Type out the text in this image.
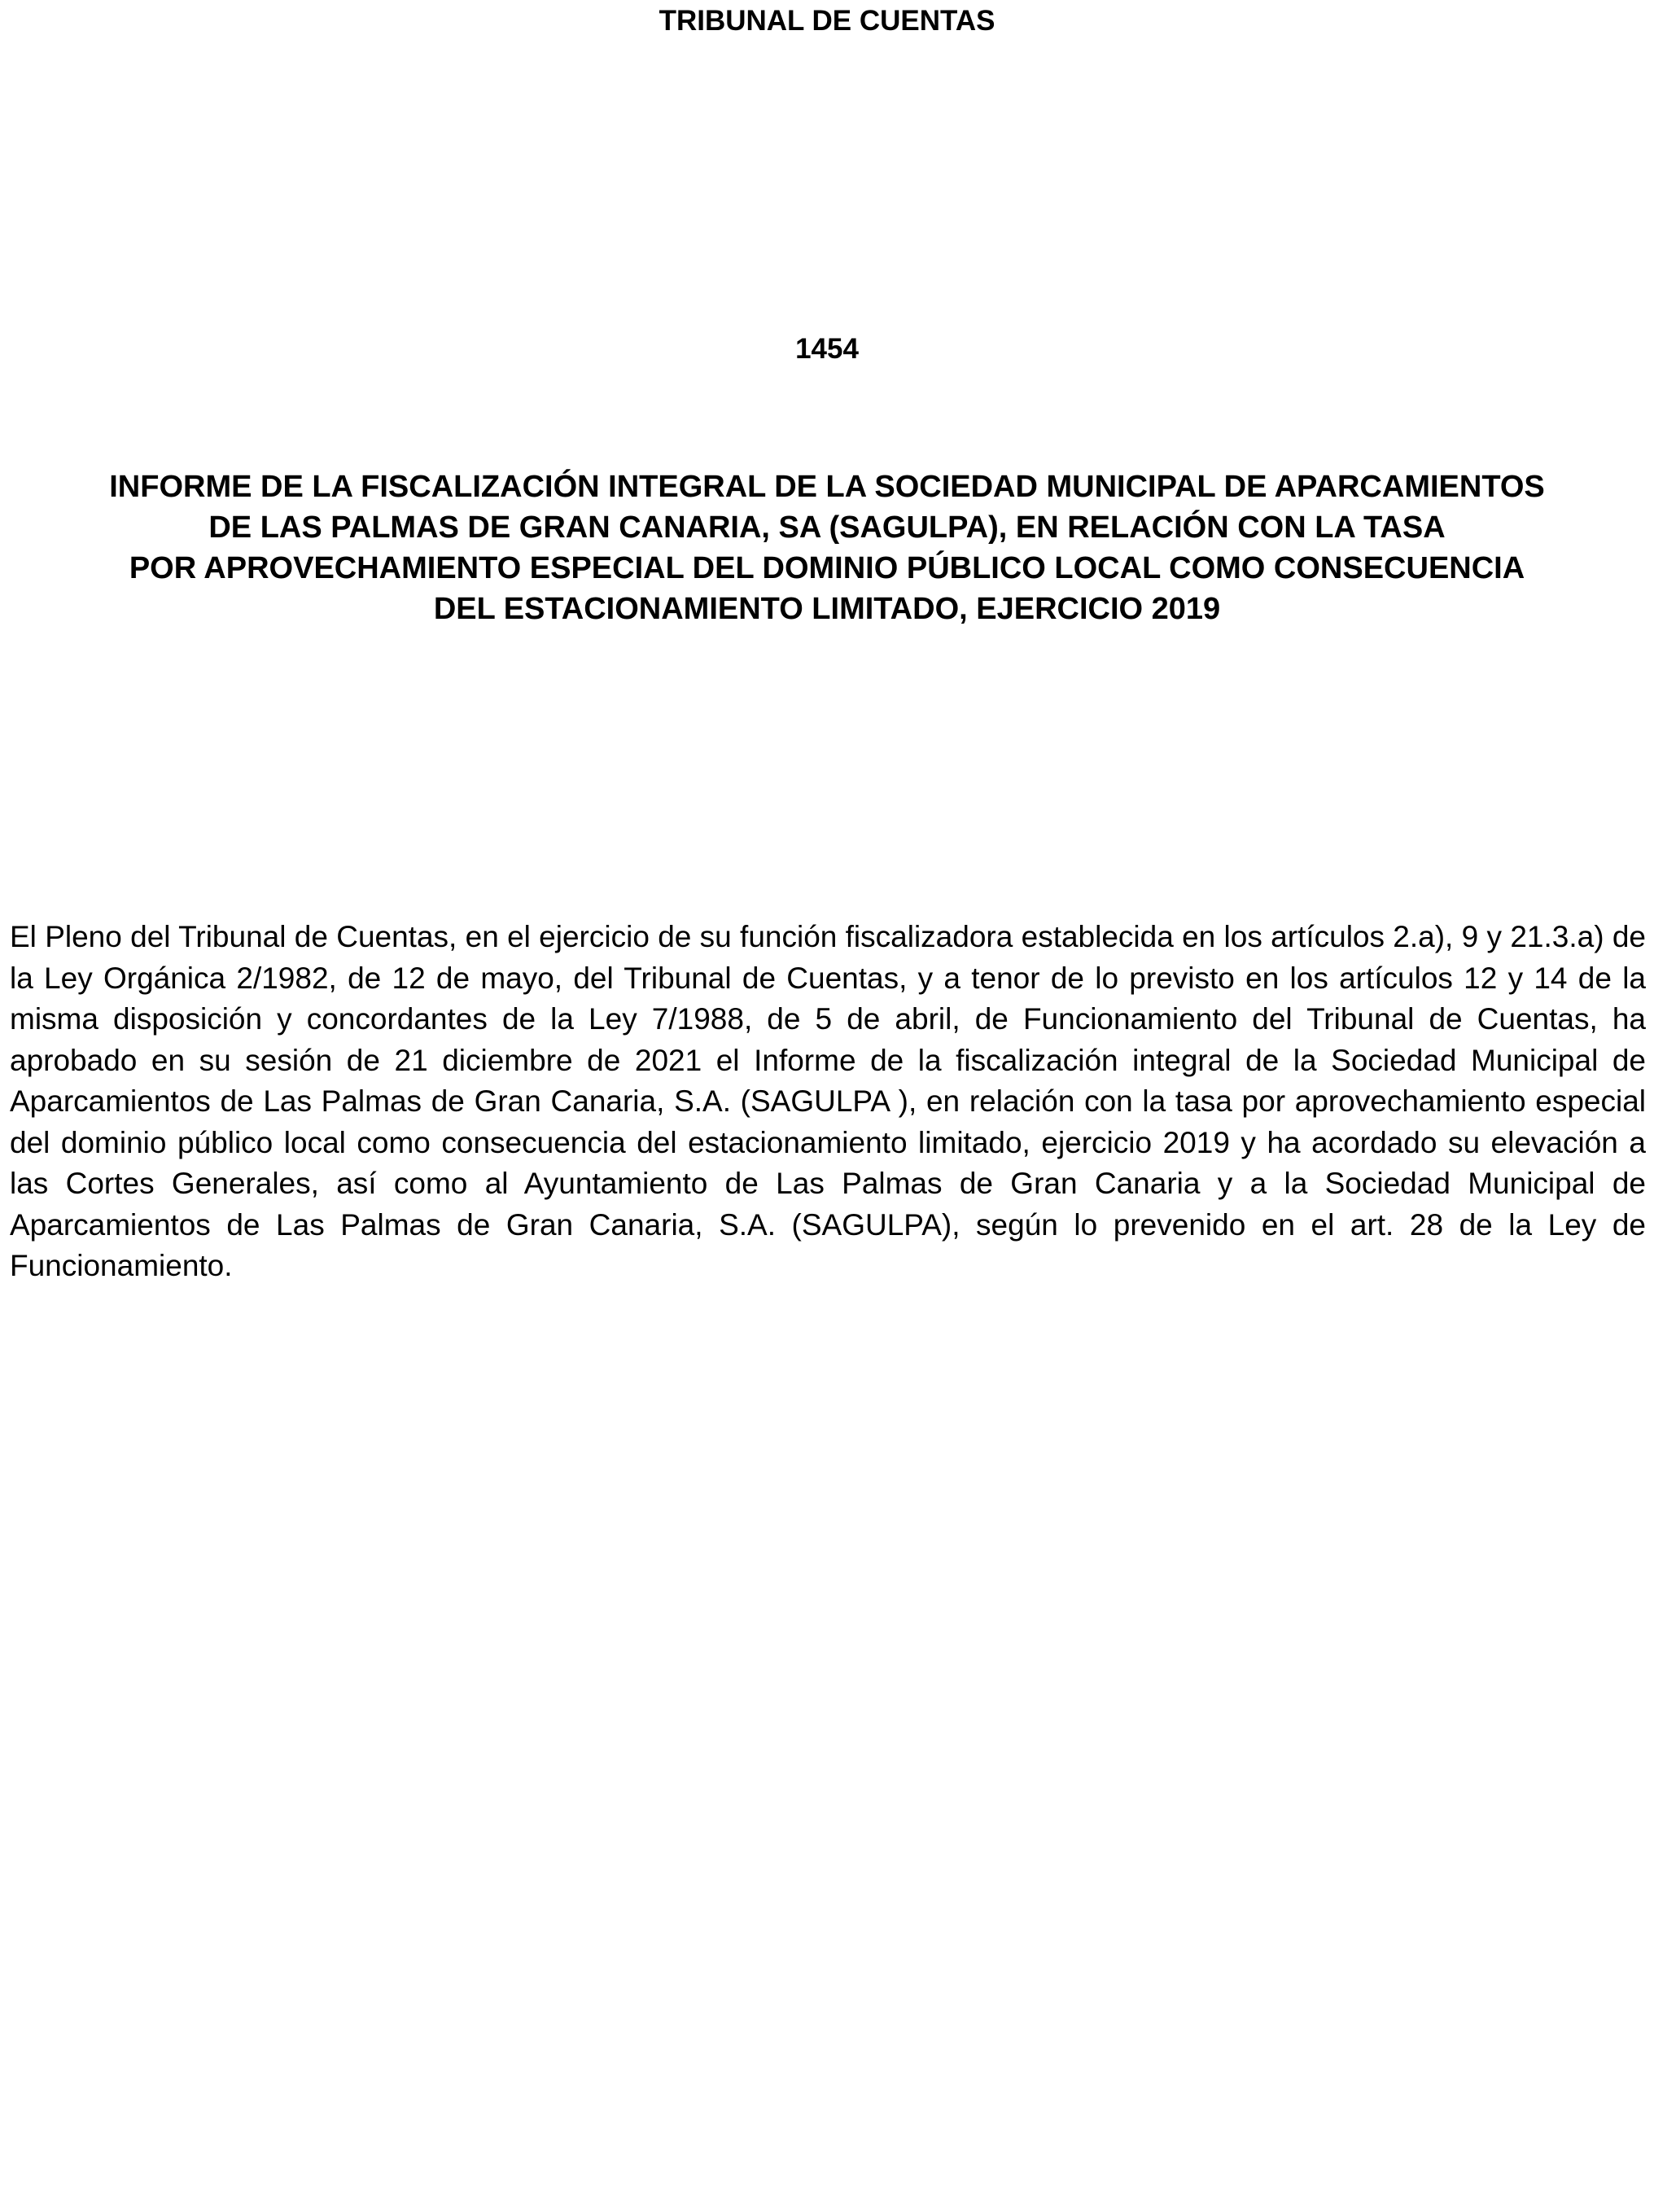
TRIBUNAL DE CUENTAS
1454
INFORME DE LA FISCALIZACIÓN INTEGRAL DE LA SOCIEDAD MUNICIPAL DE APARCAMIENTOS
DE LAS PALMAS DE GRAN CANARIA, SA (SAGULPA), EN RELACIÓN CON LA TASA
POR APROVECHAMIENTO ESPECIAL DEL DOMINIO PÚBLICO LOCAL COMO CONSECUENCIA
DEL ESTACIONAMIENTO LIMITADO, EJERCICIO 2019

El Pleno del Tribunal de Cuentas, en el ejercicio de su función fiscalizadora establecida en los artículos 2.a), 9 y 21.3.a) de la Ley Orgánica 2/1982, de 12 de mayo, del Tribunal de Cuentas, y a tenor de lo previsto en los artículos 12 y 14 de la misma disposición y concordantes de la Ley 7/1988, de 5 de abril, de Funcionamiento del Tribunal de Cuentas, ha aprobado en su sesión de 21 diciembre de 2021 el Informe de la fiscalización integral de la Sociedad Municipal de Aparcamientos de Las Palmas de Gran Canaria, S.A. (SAGULPA ), en relación con la tasa por aprovechamiento especial del dominio público local como consecuencia del estacionamiento limitado, ejercicio 2019 y ha acordado su elevación a las Cortes Generales, así como al Ayuntamiento de Las Palmas de Gran Canaria y a la Sociedad Municipal de Aparcamientos de Las Palmas de Gran Canaria, S.A. (SAGULPA), según lo prevenido en el art. 28 de la Ley de Funcionamiento.
